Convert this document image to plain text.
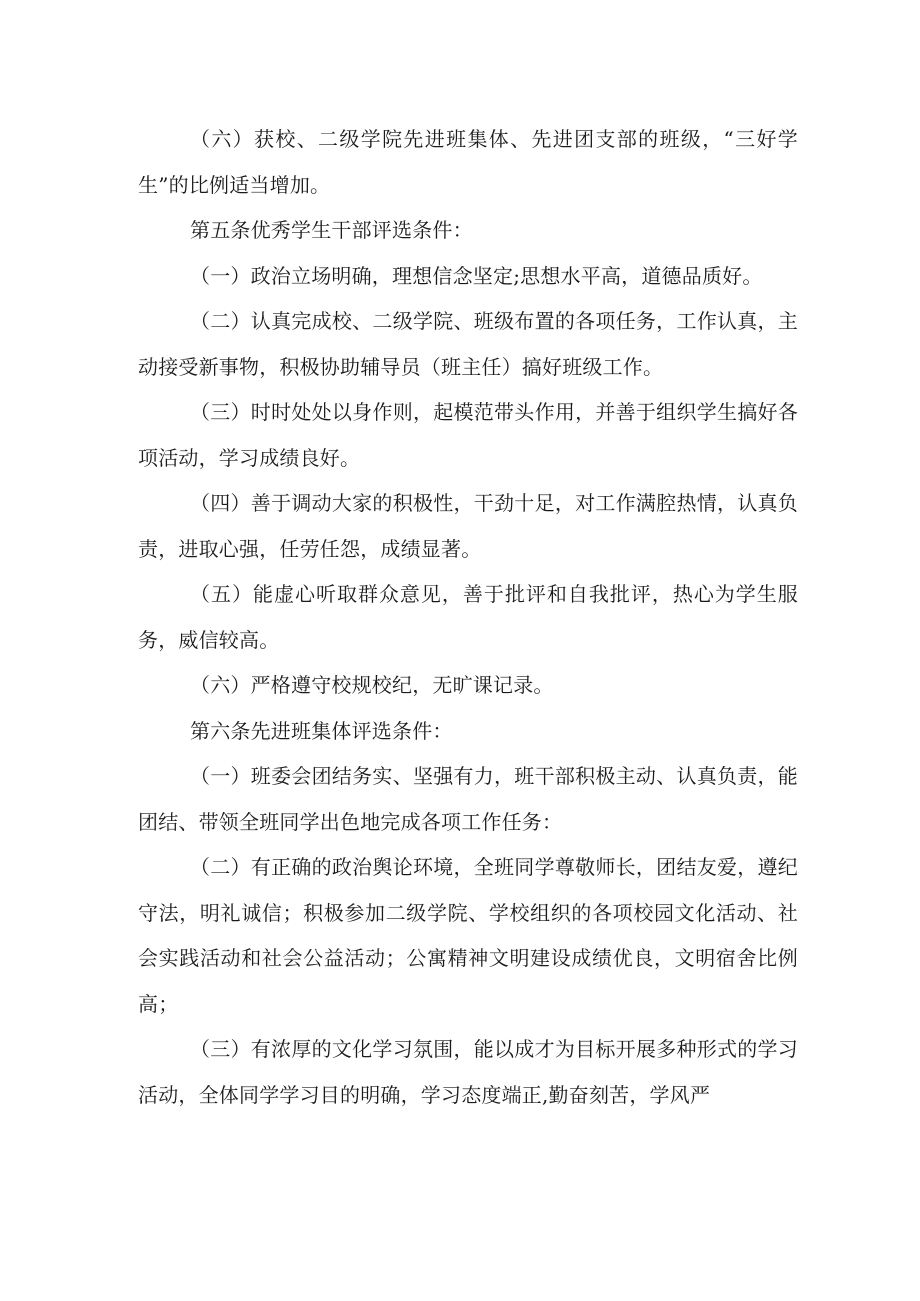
（六）获校、二级学院先进班集体、先进团支部的班级，“三好学生”的比例适当增加。

第五条优秀学生干部评选条件：

（一）政治立场明确，理想信念坚定;思想水平高，道德品质好。

（二）认真完成校、二级学院、班级布置的各项任务，工作认真，主动接受新事物，积极协助辅导员（班主任）搞好班级工作。

（三）时时处处以身作则，起模范带头作用，并善于组织学生搞好各项活动，学习成绩良好。

（四）善于调动大家的积极性，干劲十足，对工作满腔热情，认真负责，进取心强，任劳任怨，成绩显著。

（五）能虚心听取群众意见，善于批评和自我批评，热心为学生服务，威信较高。

（六）严格遵守校规校纪，无旷课记录。

第六条先进班集体评选条件：

（一）班委会团结务实、坚强有力，班干部积极主动、认真负责，能团结、带领全班同学出色地完成各项工作任务：

（二）有正确的政治舆论环境，全班同学尊敬师长，团结友爱，遵纪守法，明礼诚信；积极参加二级学院、学校组织的各项校园文化活动、社会实践活动和社会公益活动；公寓精神文明建设成绩优良，文明宿舍比例高；

（三）有浓厚的文化学习氛围，能以成才为目标开展多种形式的学习活动，全体同学学习目的明确，学习态度端正,勤奋刻苦，学风严
